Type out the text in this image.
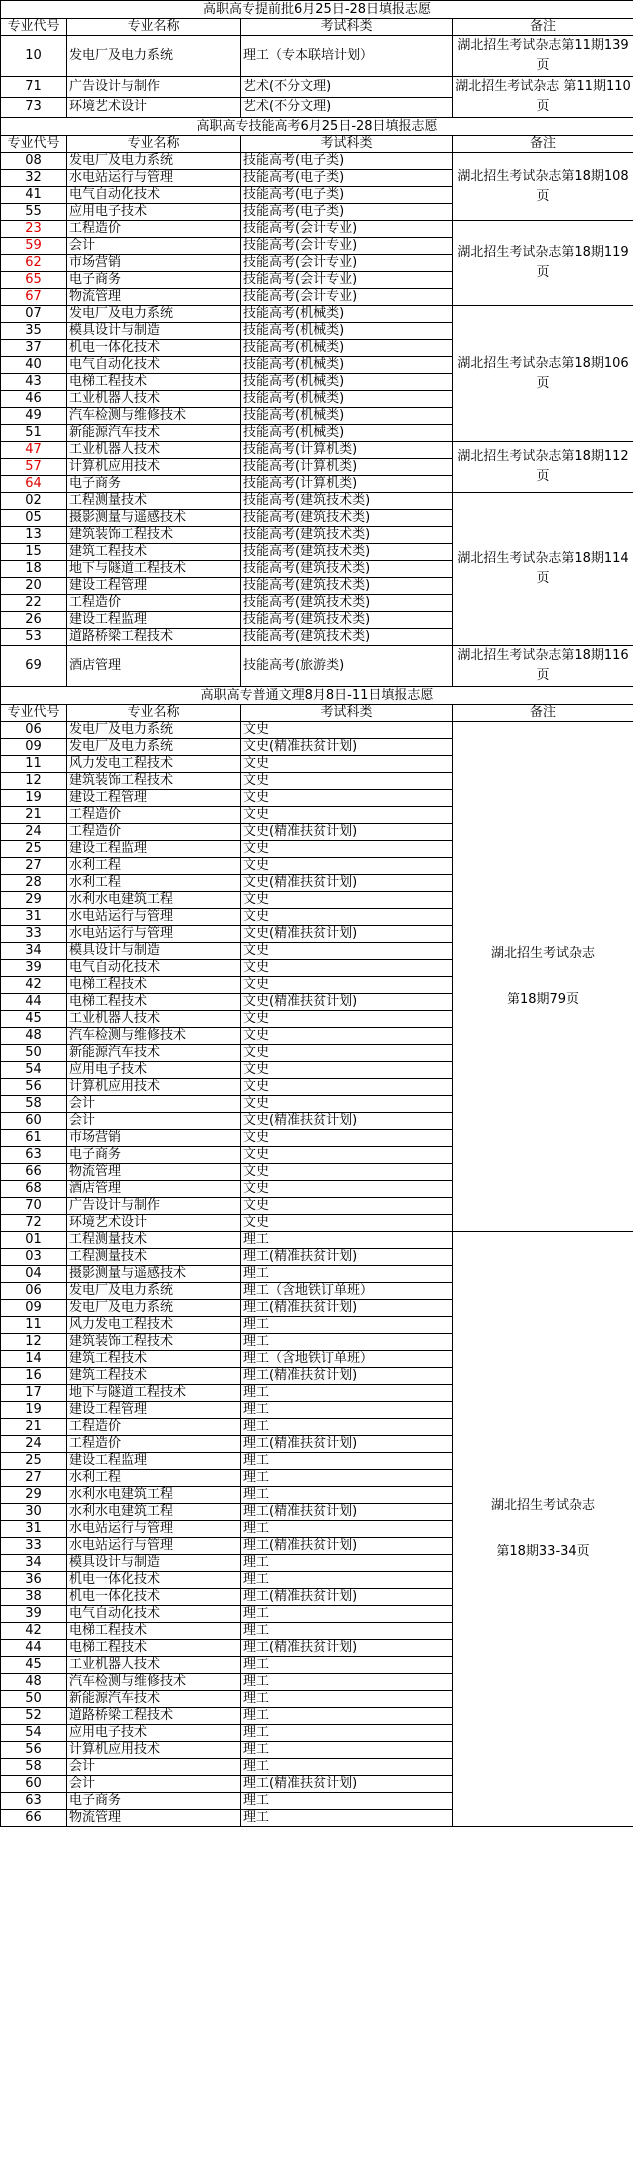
高职高专提前批6月25日-28日填报志愿			
专业代号	专业名称	考试科类	备注
10	发电厂及电力系统	理工（专本联培计划）	湖北招生考试杂志第11期139页

71	广告设计与制作	艺术(不分文理)	湖北招生考试杂志 第11期110页

73	环境艺术设计	艺术(不分文理)	
高职高专技能高考6月25日-28日填报志愿			
专业代号	专业名称	考试科类	备注
08	发电厂及电力系统	技能高考(电子类)	湖北招生考试杂志第18期108页

32	水电站运行与管理	技能高考(电子类)	
41	电气自动化技术	技能高考(电子类)	
55	应用电子技术	技能高考(电子类)	
23	工程造价	技能高考(会计专业)	湖北招生考试杂志第18期119页

59	会计	技能高考(会计专业)	
62	市场营销	技能高考(会计专业)	
65	电子商务	技能高考(会计专业)	
67	物流管理	技能高考(会计专业)	
07	发电厂及电力系统	技能高考(机械类)	湖北招生考试杂志第18期106页

35	模具设计与制造	技能高考(机械类)	
37	机电一体化技术	技能高考(机械类)	
40	电气自动化技术	技能高考(机械类)	
43	电梯工程技术	技能高考(机械类)	
46	工业机器人技术	技能高考(机械类)	
49	汽车检测与维修技术	技能高考(机械类)	
51	新能源汽车技术	技能高考(机械类)	
47	工业机器人技术	技能高考(计算机类)	湖北招生考试杂志第18期112页

57	计算机应用技术	技能高考(计算机类)	
64	电子商务	技能高考(计算机类)	
02	工程测量技术	技能高考(建筑技术类)	湖北招生考试杂志第18期114页

05	摄影测量与遥感技术	技能高考(建筑技术类)	
13	建筑装饰工程技术	技能高考(建筑技术类)	
15	建筑工程技术	技能高考(建筑技术类)	
18	地下与隧道工程技术	技能高考(建筑技术类)	
20	建设工程管理	技能高考(建筑技术类)	
22	工程造价	技能高考(建筑技术类)	
26	建设工程监理	技能高考(建筑技术类)	
53	道路桥梁工程技术	技能高考(建筑技术类)	
69	酒店管理	技能高考(旅游类)	湖北招生考试杂志第18期116页

高职高专普通文理8月8日-11日填报志愿			
专业代号	专业名称	考试科类	备注
06	发电厂及电力系统	文史	湖北招生考试杂志
第18期79页

09	发电厂及电力系统	文史(精准扶贫计划)	
11	风力发电工程技术	文史	
12	建筑装饰工程技术	文史	
19	建设工程管理	文史	
21	工程造价	文史	
24	工程造价	文史(精准扶贫计划)	
25	建设工程监理	文史	
27	水利工程	文史	
28	水利工程	文史(精准扶贫计划)	
29	水利水电建筑工程	文史	
31	水电站运行与管理	文史	
33	水电站运行与管理	文史(精准扶贫计划)	
34	模具设计与制造	文史	
39	电气自动化技术	文史	
42	电梯工程技术	文史	
44	电梯工程技术	文史(精准扶贫计划)	
45	工业机器人技术	文史	
48	汽车检测与维修技术	文史	
50	新能源汽车技术	文史	
54	应用电子技术	文史	
56	计算机应用技术	文史	
58	会计	文史	
60	会计	文史(精准扶贫计划)	
61	市场营销	文史	
63	电子商务	文史	
66	物流管理	文史	
68	酒店管理	文史	
70	广告设计与制作	文史	
72	环境艺术设计	文史	
01	工程测量技术	理工	湖北招生考试杂志
第18期33-34页

03	工程测量技术	理工(精准扶贫计划)	
04	摄影测量与遥感技术	理工	
06	发电厂及电力系统	理工（含地铁订单班）	
09	发电厂及电力系统	理工(精准扶贫计划)	
11	风力发电工程技术	理工	
12	建筑装饰工程技术	理工	
14	建筑工程技术	理工（含地铁订单班）	
16	建筑工程技术	理工(精准扶贫计划)	
17	地下与隧道工程技术	理工	
19	建设工程管理	理工	
21	工程造价	理工	
24	工程造价	理工(精准扶贫计划)	
25	建设工程监理	理工	
27	水利工程	理工	
29	水利水电建筑工程	理工	
30	水利水电建筑工程	理工(精准扶贫计划)	
31	水电站运行与管理	理工	
33	水电站运行与管理	理工(精准扶贫计划)	
34	模具设计与制造	理工	
36	机电一体化技术	理工	
38	机电一体化技术	理工(精准扶贫计划)	
39	电气自动化技术	理工	
42	电梯工程技术	理工	
44	电梯工程技术	理工(精准扶贫计划)	
45	工业机器人技术	理工	
48	汽车检测与维修技术	理工	
50	新能源汽车技术	理工	
52	道路桥梁工程技术	理工	
54	应用电子技术	理工	
56	计算机应用技术	理工	
58	会计	理工	
60	会计	理工(精准扶贫计划)	
63	电子商务	理工	
66	物流管理	理工	
